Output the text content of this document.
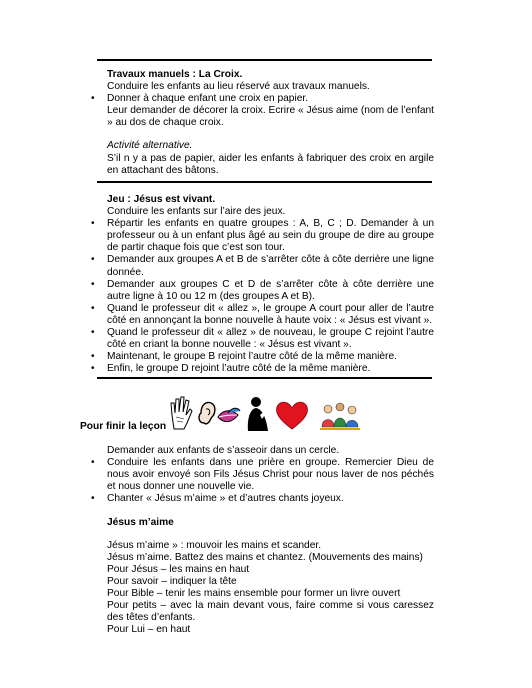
Travaux manuels : La Croix.

Conduire les enfants au lieu réservé aux travaux manuels.

• Donner à chaque enfant une croix en papier.

Leur demander de décorer la croix. Ecrire « Jésus aime (nom de l’enfant » au dos de chaque croix.

Activité alternative.

S’il n y a pas de papier, aider les enfants à fabriquer des croix en argile en attachant des bâtons.

Jeu : Jésus est vivant.

Conduire les enfants sur l’aire des jeux.

• Répartir les enfants en quatre groupes : A, B, C ; D. Demander à un professeur ou à un enfant plus âgé au sein du groupe de dire au groupe de partir chaque fois que c’est son tour.
• Demander aux groupes A et B de s’arrêter côte à côte derrière une ligne donnée.
• Demander aux groupes C et D de s’arrêter côte à côte derrière une autre ligne à 10 ou 12 m (des groupes A et B).
• Quand le professeur dit « allez », le groupe A court pour aller de l’autre côté en annonçant la bonne nouvelle à haute voix : « Jésus est vivant ».
• Quand le professeur dit « allez » de nouveau, le groupe C rejoint l’autre côté en criant la bonne nouvelle : « Jésus est vivant ».
• Maintenant, le groupe B rejoint l’autre côté de la même manière.
• Enfin, le groupe D rejoint l’autre côté de la même manière.
Pour finir la leçon

Demander aux enfants de s’asseoir dans un cercle.

• Conduire les enfants dans une prière en groupe. Remercier Dieu de nous avoir envoyé son Fils Jésus Christ pour nous laver de nos péchés et nous donner une nouvelle vie.
• Chanter « Jésus m’aime » et d’autres chants joyeux.

Jésus m’aime

Jésus m’aime » : mouvoir les mains et scander.

Jésus m’aime. Battez des mains et chantez. (Mouvements des mains)

Pour Jésus – les mains en haut

Pour savoir – indiquer la tête

Pour Bible – tenir les mains ensemble pour former un livre ouvert

Pour petits – avec la main devant vous, faire comme si vous caressez des têtes d’enfants.

Pour Lui – en haut
